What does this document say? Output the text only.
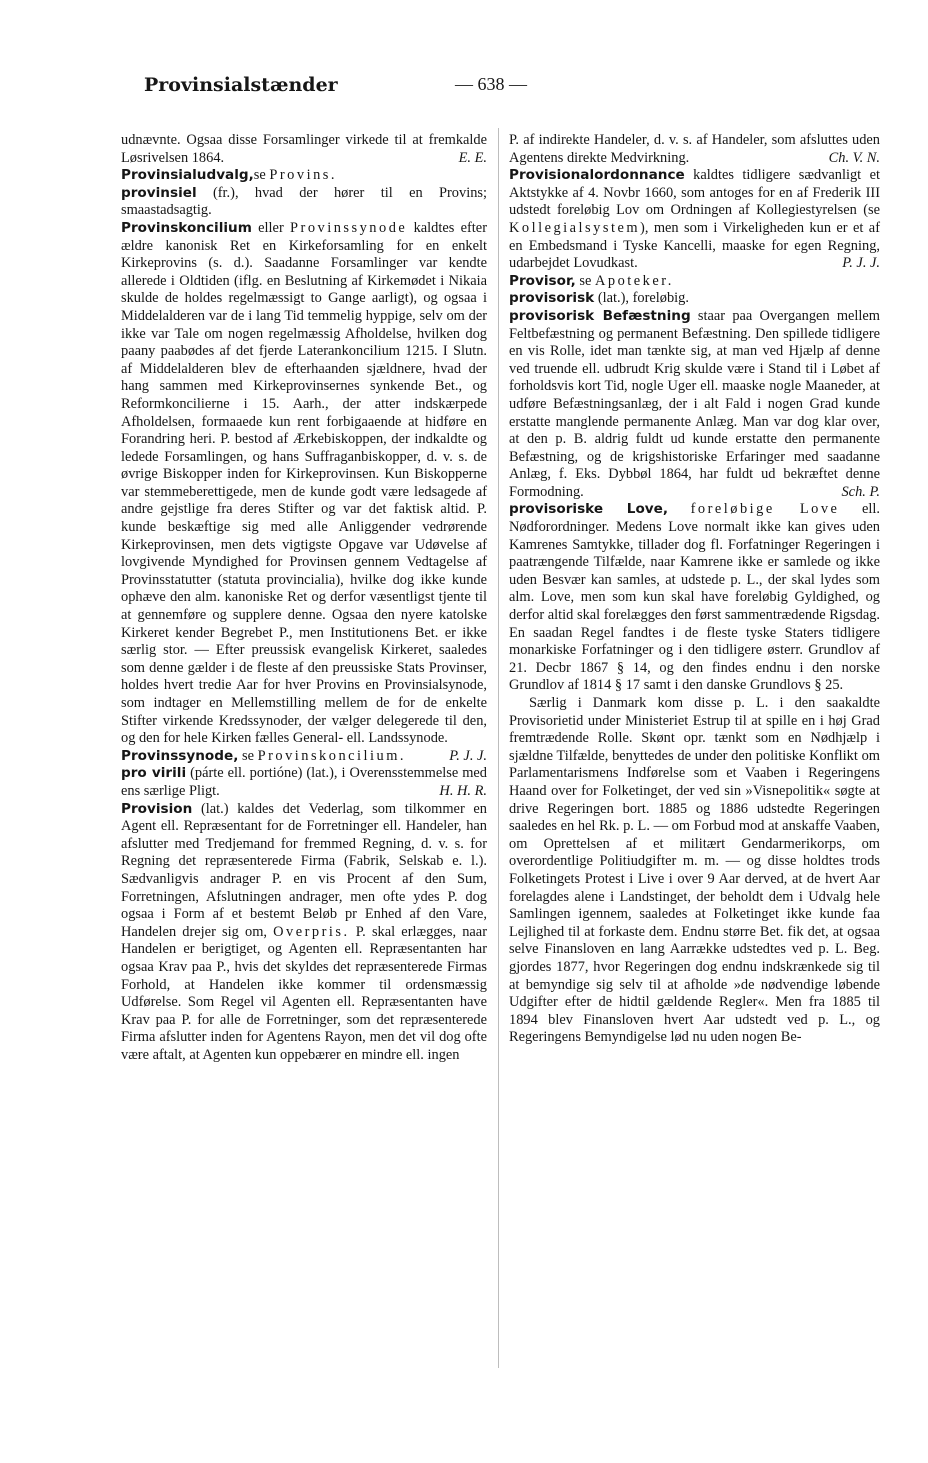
Provinsialstænder	— 638 —

udnævnte. Ogsaa disse Forsamlinger virkede til at fremkalde Løsrivelsen 1864.	E. E.

Provinsialudvalg,se Provins.

provinsiel (fr.), hvad der hører til en Provins; smaastadsagtig.

Provinskoncilium eller Provinssynode kaldtes efter ældre kanonisk Ret en Kirkeforsamling for en enkelt Kirkeprovins (s. d.). Saadanne Forsamlinger var kendte allerede i Oldtiden (iflg. en Beslutning af Kirkemødet i Nikaia skulde de holdes regelmæssigt to Gange aarligt), og ogsaa i Middelalderen var de i lang Tid temmelig hyppige, selv om der ikke var Tale om nogen regelmæssig Afholdelse, hvilken dog paany paabødes af det fjerde Laterankoncilium 1215. I Slutn. af Middelalderen blev de efterhaanden sjældnere, hvad der hang sammen med Kirkeprovinsernes synkende Bet., og Reformkoncilierne i 15. Aarh., der atter indskærpede Afholdelsen, formaaede kun rent forbigaaende at hidføre en Forandring heri. P. bestod af Ærkebiskoppen, der indkaldte og ledede Forsamlingen, og hans Suffraganbiskopper, d. v. s. de øvrige Biskopper inden for Kirkeprovinsen. Kun Biskopperne var stemmeberettigede, men de kunde godt være ledsagede af andre gejstlige fra deres Stifter og var det faktisk altid. P. kunde beskæftige sig med alle Anliggender vedrørende Kirkeprovinsen, men dets vigtigste Opgave var Udøvelse af lovgivende Myndighed for Provinsen gennem Vedtagelse af Provinsstatutter (statuta provincialia), hvilke dog ikke kunde ophæve den alm. kanoniske Ret og derfor væsentligst tjente til at gennemføre og supplere denne. Ogsaa den nyere katolske Kirkeret kender Begrebet P., men Institutionens Bet. er ikke særlig stor. — Efter preussisk evangelisk Kirkeret, saaledes som denne gælder i de fleste af den preussiske Stats Provinser, holdes hvert tredie Aar for hver Provins en Provinsialsynode, som indtager en Mellemstilling mellem de for de enkelte Stifter virkende Kredssynoder, der vælger delegerede til den, og den for hele Kirken fælles General- ell. Landssynode.
P. J. J.

Provinssynode, se Provinskoncilium.

pro virili (párte ell. portióne) (lat.), i Overensstemmelse med ens særlige Pligt.	H. H. R.

Provision (lat.) kaldes det Vederlag, som tilkommer en Agent ell. Repræsentant for de Forretninger ell. Handeler, han afslutter med Tredjemand for fremmed Regning, d. v. s. for Regning det repræsenterede Firma (Fabrik, Selskab e. l.). Sædvanligvis andrager P. en vis Procent af den Sum, Forretningen, Afslutningen andrager, men ofte ydes P. dog ogsaa i Form af et bestemt Beløb pr Enhed af den Vare, Handelen drejer sig om, Overpris. P. skal erlægges, naar Handelen er berigtiget, og Agenten ell. Repræsentanten har ogsaa Krav paa P., hvis det skyldes det repræsenterede Firmas Forhold, at Handelen ikke kommer til ordensmæssig Udførelse. Som Regel vil Agenten ell. Repræsentanten have Krav paa P. for alle de Forretninger, som det repræsenterede Firma afslutter inden for Agentens Rayon, men det vil dog ofte være aftalt, at Agenten kun oppebærer en mindre ell. ingen

P. af indirekte Handeler, d. v. s. af Handeler, som afsluttes uden Agentens direkte Medvirkning.	Ch. V. N.

Provisionalordonnance kaldtes tidligere sædvanligt et Aktstykke af 4. Novbr 1660, som antoges for en af Frederik III udstedt foreløbig Lov om Ordningen af Kollegiestyrelsen (se Kollegialsystem), men som i Virkeligheden kun er et af en Embedsmand i Tyske Kancelli, maaske for egen Regning, udarbejdet Lovudkast.	P. J. J.

Provisor, se Apoteker.

provisorisk (lat.), foreløbig.

provisorisk Befæstning staar paa Overgangen mellem Feltbefæstning og permanent Befæstning. Den spillede tidligere en vis Rolle, idet man tænkte sig, at man ved Hjælp af denne ved truende ell. udbrudt Krig skulde være i Stand til i Løbet af forholdsvis kort Tid, nogle Uger ell. maaske nogle Maaneder, at udføre Befæstningsanlæg, der i alt Fald i nogen Grad kunde erstatte manglende permanente Anlæg. Man var dog klar over, at den p. B. aldrig fuldt ud kunde erstatte den permanente Befæstning, og de krigshistoriske Erfaringer med saadanne Anlæg, f. Eks. Dybbøl 1864, har fuldt ud bekræftet denne Formodning.	Sch. P.

provisoriske Love, foreløbige Love ell. Nødforordninger. Medens Love normalt ikke kan gives uden Kamrenes Samtykke, tillader dog fl. Forfatninger Regeringen i paatrængende Tilfælde, naar Kamrene ikke er samlede og ikke uden Besvær kan samles, at udstede p. L., der skal lydes som alm. Love, men som kun skal have foreløbig Gyldighed, og derfor altid skal forelægges den først sammentrædende Rigsdag. En saadan Regel fandtes i de fleste tyske Staters tidligere monarkiske Forfatninger og i den tidligere østerr. Grundlov af 21. Decbr 1867 § 14, og den findes endnu i den norske Grundlov af 1814 § 17 samt i den danske Grundlovs § 25.

Særlig i Danmark kom disse p. L. i den saakaldte Provisorietid under Ministeriet Estrup til at spille en i høj Grad fremtrædende Rolle. Skønt opr. tænkt som en Nødhjælp i sjældne Tilfælde, benyttedes de under den politiske Konflikt om Parlamentarismens Indførelse som et Vaaben i Regeringens Haand over for Folketinget, der ved sin »Visnepolitik« søgte at drive Regeringen bort. 1885 og 1886 udstedte Regeringen saaledes en hel Rk. p. L. — om Forbud mod at anskaffe Vaaben, om Oprettelsen af et militært Gendarmerikorps, om overordentlige Politiudgifter m. m. — og disse holdtes trods Folketingets Protest i Live i over 9 Aar derved, at de hvert Aar forelagdes alene i Landstinget, der beholdt dem i Udvalg hele Samlingen igennem, saaledes at Folketinget ikke kunde faa Lejlighed til at forkaste dem. Endnu større Bet. fik det, at ogsaa selve Finansloven en lang Aarrække udstedtes ved p. L. Beg. gjordes 1877, hvor Regeringen dog endnu indskrænkede sig til at bemyndige sig selv til at afholde »de nødvendige løbende Udgifter efter de hidtil gældende Regler«. Men fra 1885 til 1894 blev Finansloven hvert Aar udstedt ved p. L., og Regeringens Bemyndigelse lød nu uden nogen Be-
